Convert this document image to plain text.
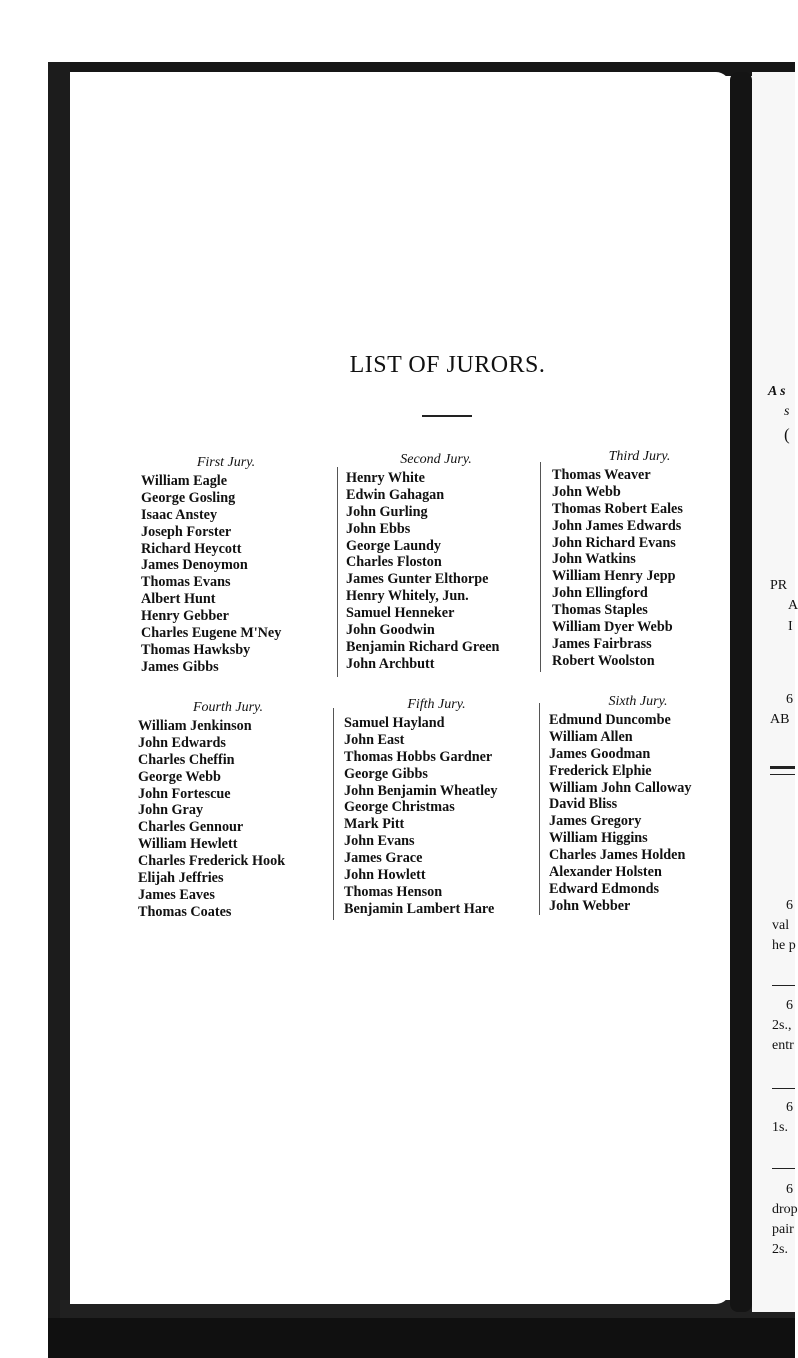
LIST OF JURORS.
First Jury.
William Eagle
George Gosling
Isaac Anstey
Joseph Forster
Richard Heycott
James Denoymon
Thomas Evans
Albert Hunt
Henry Gebber
Charles Eugene M'Ney
Thomas Hawksby
James Gibbs
Second Jury.
Henry White
Edwin Gahagan
John Gurling
John Ebbs
George Laundy
Charles Floston
James Gunter Elthorpe
Henry Whitely, Jun.
Samuel Henneker
John Goodwin
Benjamin Richard Green
John Archbutt
Third Jury.
Thomas Weaver
John Webb
Thomas Robert Eales
John James Edwards
John Richard Evans
John Watkins
William Henry Jepp
John Ellingford
Thomas Staples
William Dyer Webb
James Fairbrass
Robert Woolston
Fourth Jury.
William Jenkinson
John Edwards
Charles Cheffin
George Webb
John Fortescue
John Gray
Charles Gennour
William Hewlett
Charles Frederick Hook
Elijah Jeffries
James Eaves
Thomas Coates
Fifth Jury.
Samuel Hayland
John East
Thomas Hobbs Gardner
George Gibbs
John Benjamin Wheatley
George Christmas
Mark Pitt
John Evans
James Grace
John Howlett
Thomas Henson
Benjamin Lambert Hare
Sixth Jury.
Edmund Duncombe
William Allen
James Goodman
Frederick Elphie
William John Calloway
David Bliss
James Gregory
William Higgins
Charles James Holden
Alexander Holsten
Edward Edmonds
John Webber
A s
s
(
PR
A
I
6
AB
6
val
he p
6
2s.,
entr
6
1s.
6
drop
pair
2s.
